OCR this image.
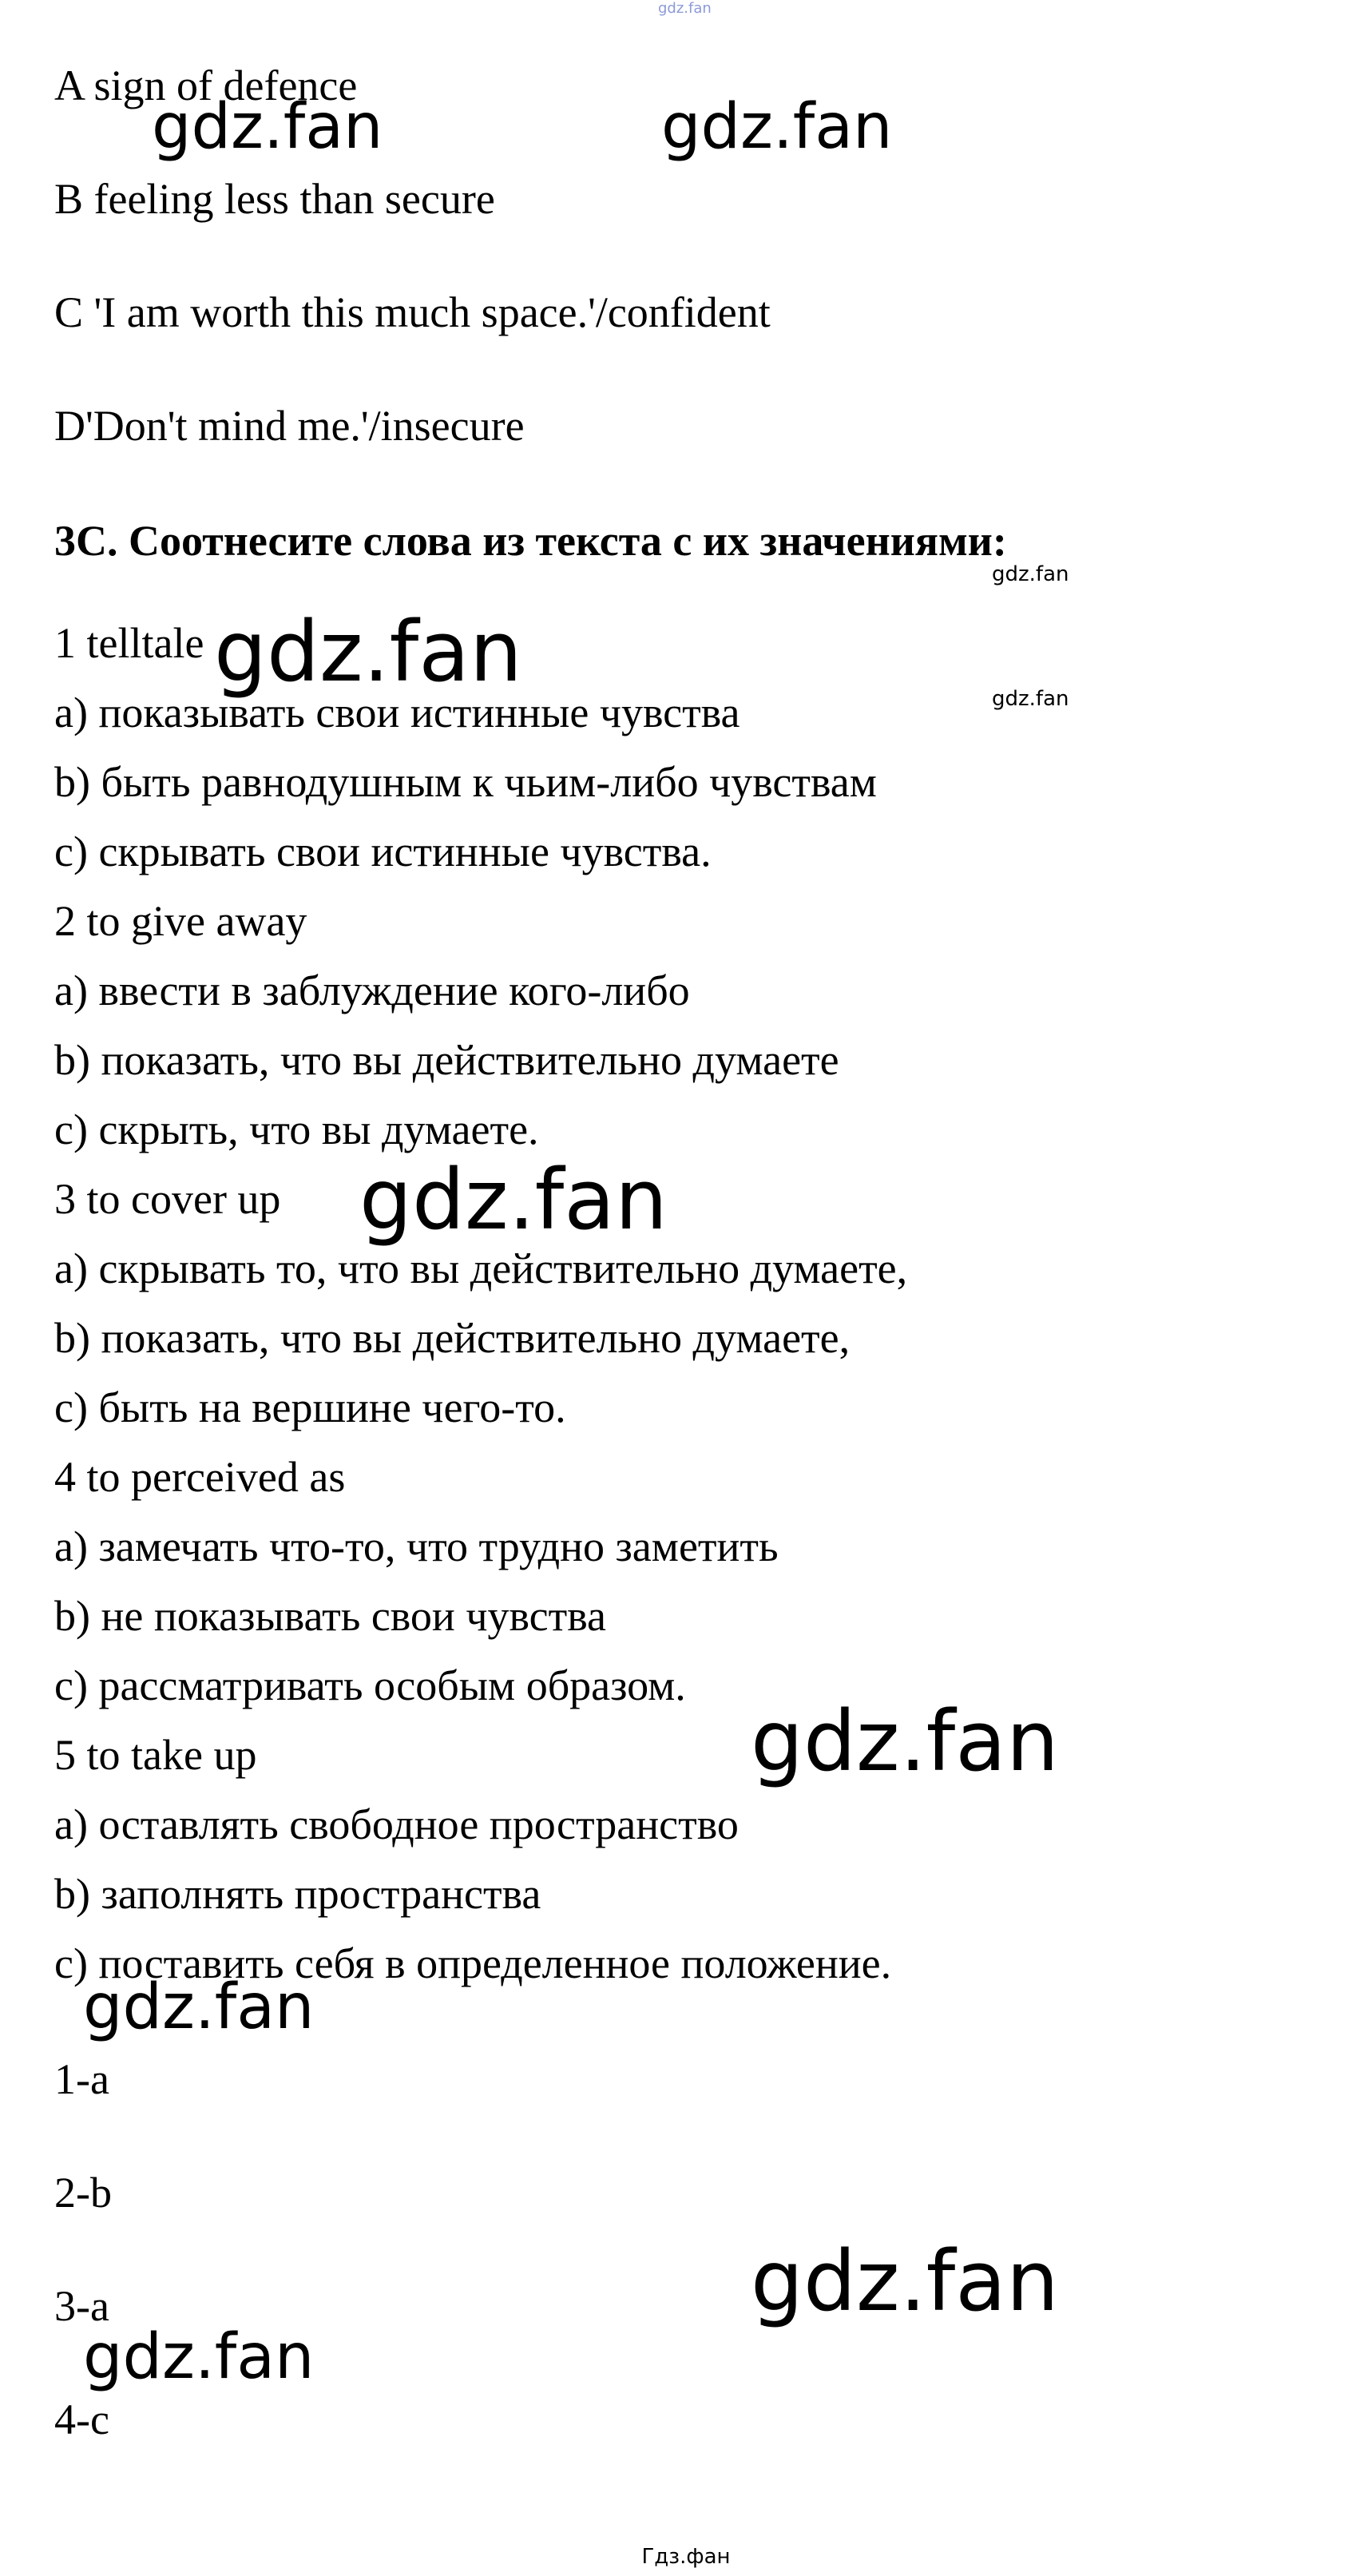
gdz.fan
A sign of defence
B feeling less than secure
C 'I am worth this much space.'/confident
D'Don't mind me.'/insecure
3C. Соотнесите слова из текста с их значениями:
1 telltale
a) показывать свои истинные чувства
b) быть равнодушным к чьим-либо чувствам
c) скрывать свои истинные чувства.
2 to give away
a) ввести в заблуждение кого-либо
b) показать, что вы действительно думаете
c) скрыть, что вы думаете.
3 to cover up
a) скрывать то, что вы действительно думаете,
b) показать, что вы действительно думаете,
c) быть на вершине чего-то.
4 to perceived as
a) замечать что-то, что трудно заметить
b) не показывать свои чувства
c) рассматривать особым образом.
5 to take up
a) оставлять свободное пространство
b) заполнять пространства
c) поставить себя в определенное положение.
1-a
2-b
3-a
4-c
gdz.fan	gdz.fan
gdz.fan
gdz.fan	gdz.fan
gdz.fan
gdz.fan
gdz.fan
gdz.fan
gdz.fan
Гдз.фан
